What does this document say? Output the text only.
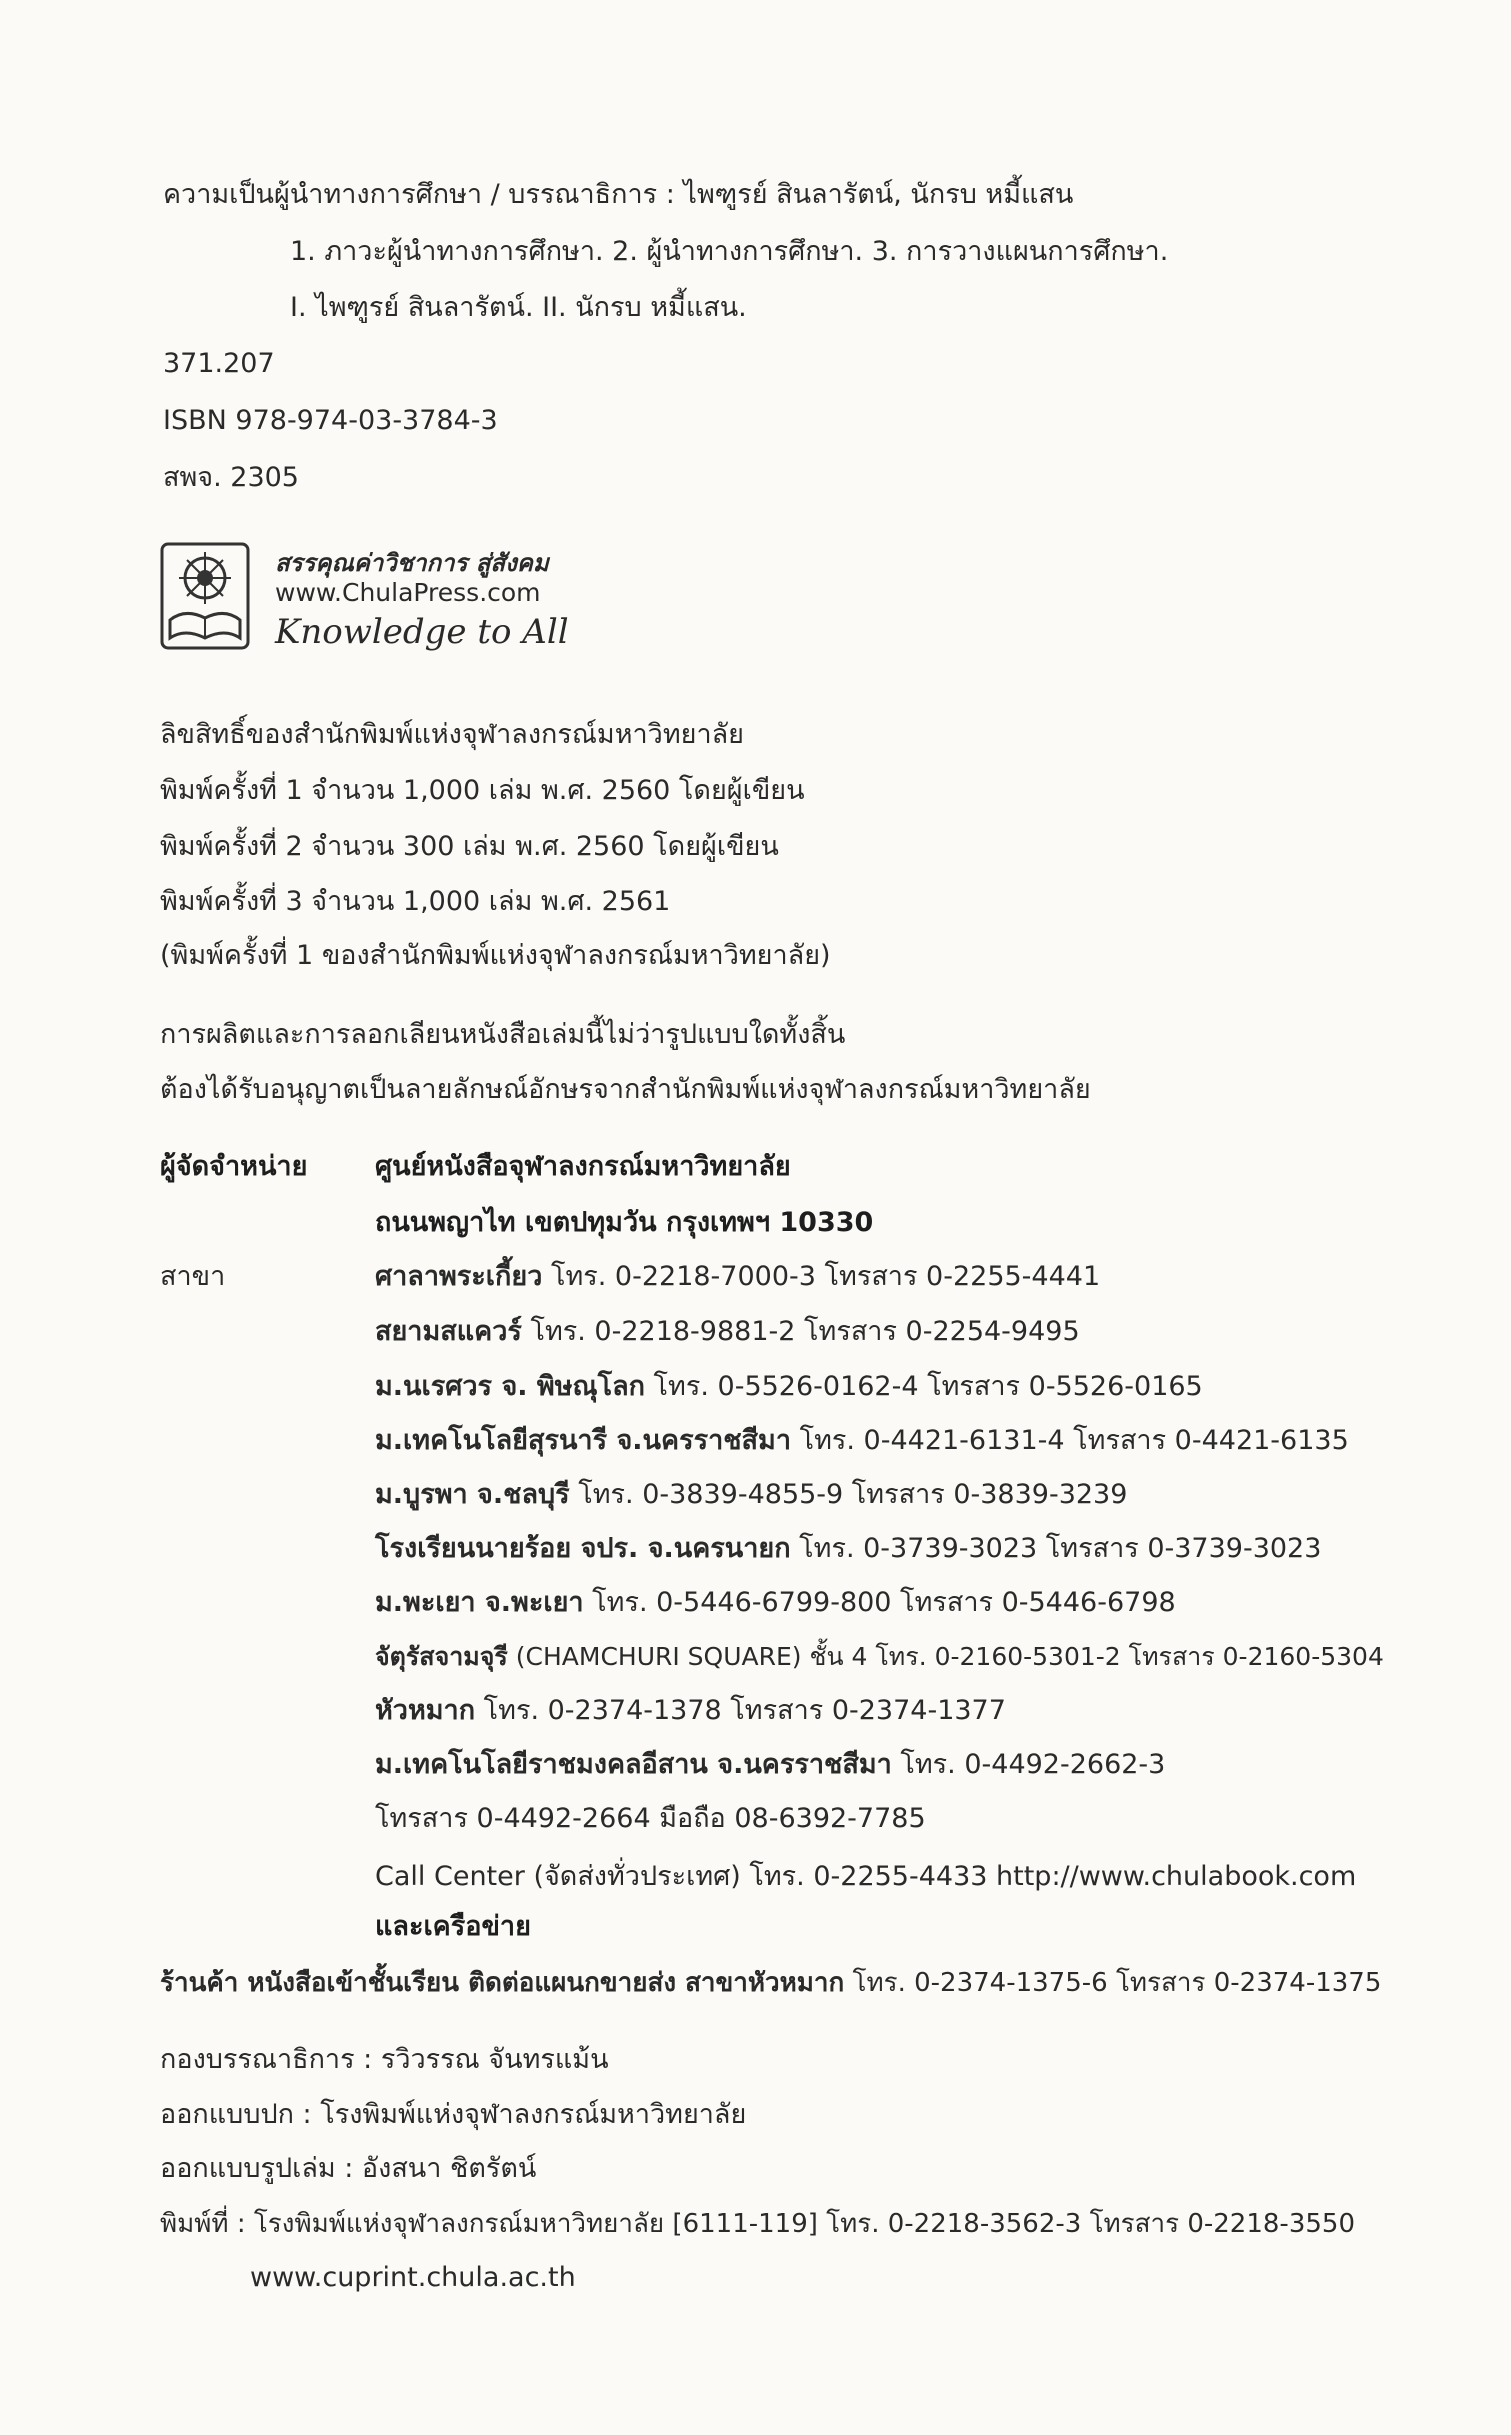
ความเป็นผู้นำทางการศึกษา / บรรณาธิการ : ไพฑูรย์ สินลารัตน์, นักรบ หมี้แสน
1. ภาวะผู้นำทางการศึกษา. 2. ผู้นำทางการศึกษา. 3. การวางแผนการศึกษา.
I. ไพฑูรย์ สินลารัตน์. II. นักรบ หมี้แสน.
371.207
ISBN 978-974-03-3784-3
สพจ. 2305
สรรคุณค่าวิชาการ สู่สังคม
www.ChulaPress.com
Knowledge to All
ลิขสิทธิ์ของสำนักพิมพ์แห่งจุฬาลงกรณ์มหาวิทยาลัย
พิมพ์ครั้งที่ 1 จำนวน 1,000 เล่ม พ.ศ. 2560 โดยผู้เขียน
พิมพ์ครั้งที่ 2 จำนวน 300 เล่ม พ.ศ. 2560 โดยผู้เขียน
พิมพ์ครั้งที่ 3 จำนวน 1,000 เล่ม พ.ศ. 2561
(พิมพ์ครั้งที่ 1 ของสำนักพิมพ์แห่งจุฬาลงกรณ์มหาวิทยาลัย)
การผลิตและการลอกเลียนหนังสือเล่มนี้ไม่ว่ารูปแบบใดทั้งสิ้น
ต้องได้รับอนุญาตเป็นลายลักษณ์อักษรจากสำนักพิมพ์แห่งจุฬาลงกรณ์มหาวิทยาลัย
ผู้จัดจำหน่าย	ศูนย์หนังสือจุฬาลงกรณ์มหาวิทยาลัย
ถนนพญาไท เขตปทุมวัน กรุงเทพฯ 10330
สาขา	ศาลาพระเกี้ยว โทร. 0-2218-7000-3 โทรสาร 0-2255-4441
สยามสแควร์ โทร. 0-2218-9881-2 โทรสาร 0-2254-9495
ม.นเรศวร จ. พิษณุโลก โทร. 0-5526-0162-4 โทรสาร 0-5526-0165
ม.เทคโนโลยีสุรนารี จ.นครราชสีมา โทร. 0-4421-6131-4 โทรสาร 0-4421-6135
ม.บูรพา จ.ชลบุรี โทร. 0-3839-4855-9 โทรสาร 0-3839-3239
โรงเรียนนายร้อย จปร. จ.นครนายก โทร. 0-3739-3023 โทรสาร 0-3739-3023
ม.พะเยา จ.พะเยา โทร. 0-5446-6799-800 โทรสาร 0-5446-6798
จัตุรัสจามจุรี (CHAMCHURI SQUARE) ชั้น 4 โทร. 0-2160-5301-2 โทรสาร 0-2160-5304
หัวหมาก โทร. 0-2374-1378 โทรสาร 0-2374-1377
ม.เทคโนโลยีราชมงคลอีสาน จ.นครราชสีมา โทร. 0-4492-2662-3
โทรสาร 0-4492-2664 มือถือ 08-6392-7785
Call Center (จัดส่งทั่วประเทศ) โทร. 0-2255-4433 http://www.chulabook.com
และเครือข่าย
ร้านค้า หนังสือเข้าชั้นเรียน ติดต่อแผนกขายส่ง สาขาหัวหมาก โทร. 0-2374-1375-6 โทรสาร 0-2374-1375
กองบรรณาธิการ : รวิวรรณ จันทรแม้น
ออกแบบปก : โรงพิมพ์แห่งจุฬาลงกรณ์มหาวิทยาลัย
ออกแบบรูปเล่ม : อังสนา ชิตรัตน์
พิมพ์ที่ : โรงพิมพ์แห่งจุฬาลงกรณ์มหาวิทยาลัย [6111-119] โทร. 0-2218-3562-3 โทรสาร 0-2218-3550
www.cuprint.chula.ac.th
